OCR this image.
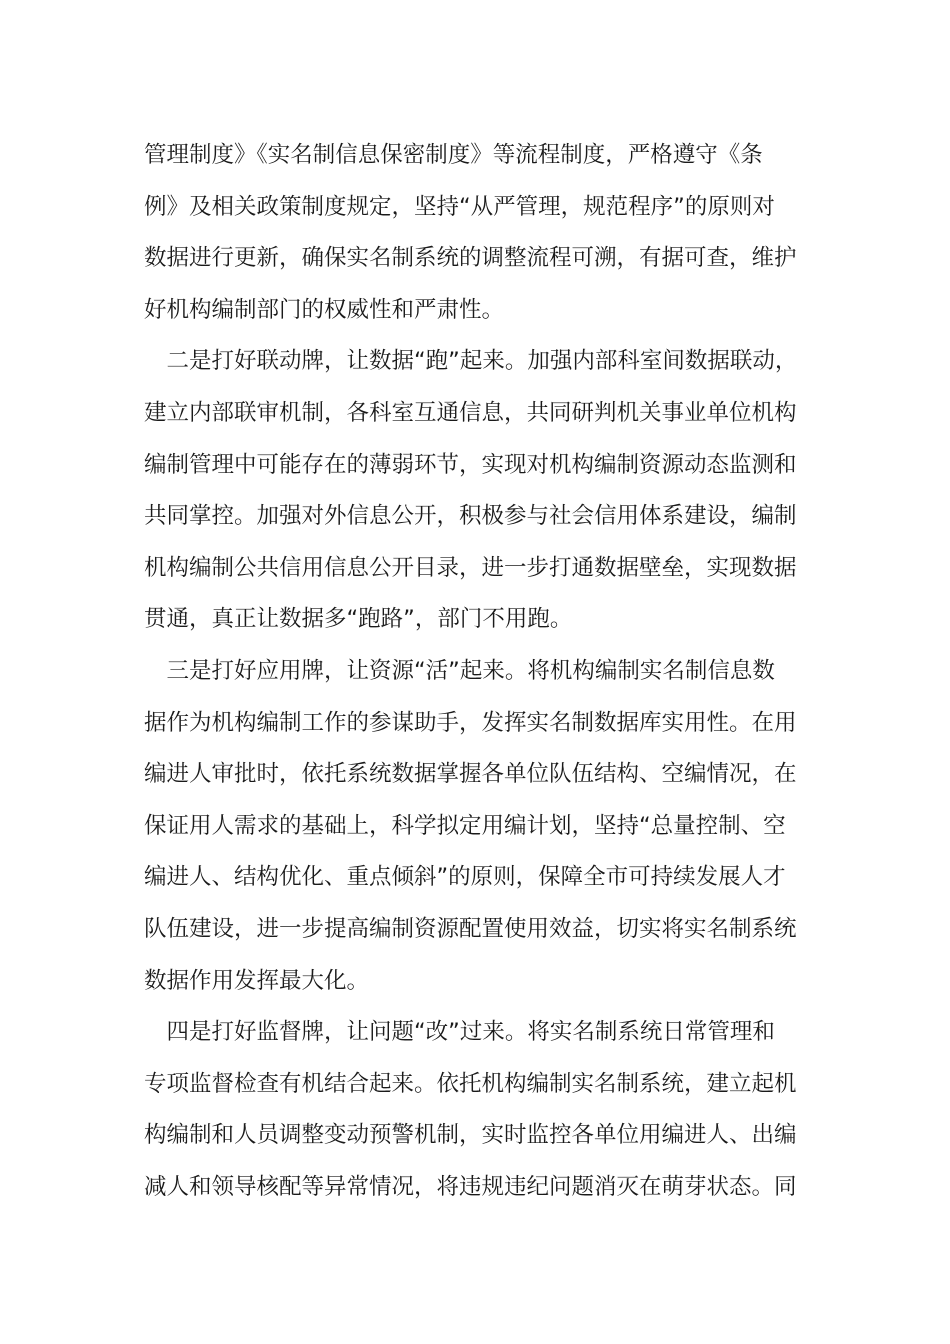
管理制度》《实名制信息保密制度》等流程制度，严格遵守《条
例》及相关政策制度规定，坚持“从严管理，规范程序”的原则对
数据进行更新，确保实名制系统的调整流程可溯，有据可查，维护
好机构编制部门的权威性和严肃性。
　二是打好联动牌，让数据“跑”起来。加强内部科室间数据联动，
建立内部联审机制，各科室互通信息，共同研判机关事业单位机构
编制管理中可能存在的薄弱环节，实现对机构编制资源动态监测和
共同掌控。加强对外信息公开，积极参与社会信用体系建设，编制
机构编制公共信用信息公开目录，进一步打通数据壁垒，实现数据
贯通，真正让数据多“跑路”，部门不用跑。
　三是打好应用牌，让资源“活”起来。将机构编制实名制信息数
据作为机构编制工作的参谋助手，发挥实名制数据库实用性。在用
编进人审批时，依托系统数据掌握各单位队伍结构、空编情况，在
保证用人需求的基础上，科学拟定用编计划，坚持“总量控制、空
编进人、结构优化、重点倾斜”的原则，保障全市可持续发展人才
队伍建设，进一步提高编制资源配置使用效益，切实将实名制系统
数据作用发挥最大化。
　四是打好监督牌，让问题“改”过来。将实名制系统日常管理和
专项监督检查有机结合起来。依托机构编制实名制系统，建立起机
构编制和人员调整变动预警机制，实时监控各单位用编进人、出编
减人和领导核配等异常情况，将违规违纪问题消灭在萌芽状态。同
